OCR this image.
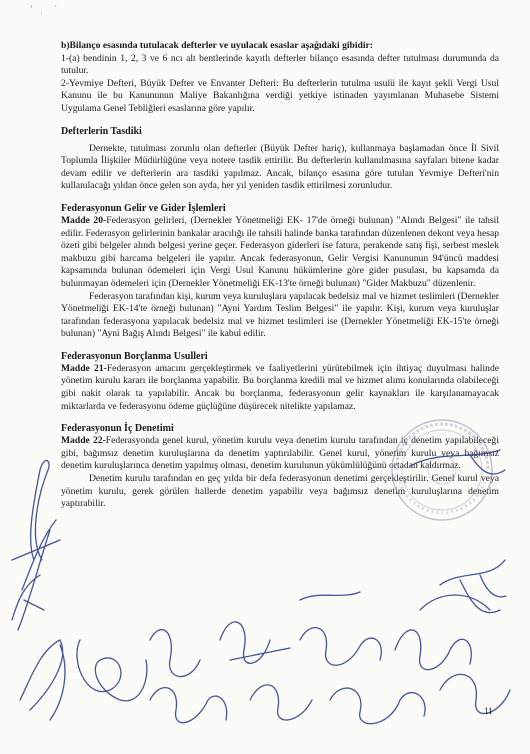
ʼ   ˌ     ˊ

b)Bilanço esasında tutulacak defterler ve uyulacak esaslar aşağıdaki gibidir:

1-(a) bendinin 1, 2, 3 ve 6 ncı alt bentlerinde kayıtlı defterler bilanço esasında defter tutulması durumunda da tutulur.

2-Yevmiye Defteri, Büyük Defter ve Envanter Defteri: Bu defterlerin tutulma usulü ile kayıt şekli Vergi Usul Kanunu ile bu Kanununun Maliye Bakanlığına verdiği yetkiye istinaden yayımlanan Muhasebe Sistemi Uygulama Genel Tebliğleri esaslarına göre yapılır.

Defterlerin Tasdiki

Dernekte, tutulması zorunlu olan defterler (Büyük Defter hariç), kullanmaya başlamadan önce İl Sivil Toplumla İlişkiler Müdürlüğüne veya notere tasdik ettirilir. Bu defterlerin kullanılmasına sayfaları bitene kadar devam edilir ve defterlerin ara tasdiki yapılmaz. Ancak, bilanço esasına göre tutulan Yevmiye Defteri'nin kullanılacağı yıldan önce gelen son ayda, her yıl yeniden tasdik ettirilmesi zorunludur.

Federasyonun Gelir ve Gider İşlemleri

Madde 20-Federasyon gelirleri, (Dernekler Yönetmeliği EK- 17'de örneği bulunan) "Alındı Belgesi" ile tahsil edilir. Federasyon gelirlerinin bankalar aracılığı ile tahsili halinde banka tarafından düzenlenen dekont veya hesap özeti gibi belgeler alındı belgesi yerine geçer. Federasyon giderleri ise fatura, perakende satış fişi, serbest meslek makbuzu gibi harcama belgeleri ile yapılır. Ancak federasyonun, Gelir Vergisi Kanununun 94'üncü maddesi kapsamında bulunan ödemeleri için Vergi Usul Kanunu hükümlerine göre gider pusulası, bu kapsamda da bulunmayan ödemeleri için (Dernekler Yönetmeliği EK-13'te örneği bulunan) "Gider Makbuzu" düzenlenir.

Federasyon tarafından kişi, kurum veya kuruluşlara yapılacak bedelsiz mal ve hizmet teslimleri (Dernekler Yönetmeliği EK-14'te örneği bulunan) "Ayni Yardım Teslim Belgesi" ile yapılır. Kişi, kurum veya kuruluşlar tarafından federasyona yapılacak bedelsiz mal ve hizmet teslimleri ise (Dernekler Yönetmeliği EK-15'te örneği bulunan) "Ayni Bağış Alındı Belgesi" ile kabul edilir.

Federasyonun Borçlanma Usulleri

Madde 21-Federasyon amacını gerçekleştirmek ve faaliyetlerini yürütebilmek için ihtiyaç duyulması halinde yönetim kurulu kararı ile borçlanma yapabilir. Bu borçlanma kredili mal ve hizmet alımı konularında olabileceği gibi nakit olarak ta yapılabilir. Ancak bu borçlanma, federasyonun gelir kaynakları ile karşılanamayacak miktarlarda ve federasyonu ödeme güçlüğüne düşürecek nitelikte yapılamaz.

Federasyonun İç Denetimi

Madde 22-Federasyonda genel kurul, yönetim kurulu veya denetim kurulu tarafından iç denetim yapılabileceği gibi, bağımsız denetim kuruluşlarına da denetim yaptırılabilir. Genel kurul, yönetim kurulu veya bağımsız denetim kuruluşlarınca denetim yapılmış olması, denetim kurulunun yükümlülüğünü ortadan kaldırmaz.

Denetim kurulu tarafından en geç yılda bir defa federasyonun denetimi gerçekleştirilir. Genel kurul veya yönetim kurulu, gerek görülen hallerde denetim yapabilir veya bağımsız denetim kuruluşlarına denetim yaptırabilir.

11
